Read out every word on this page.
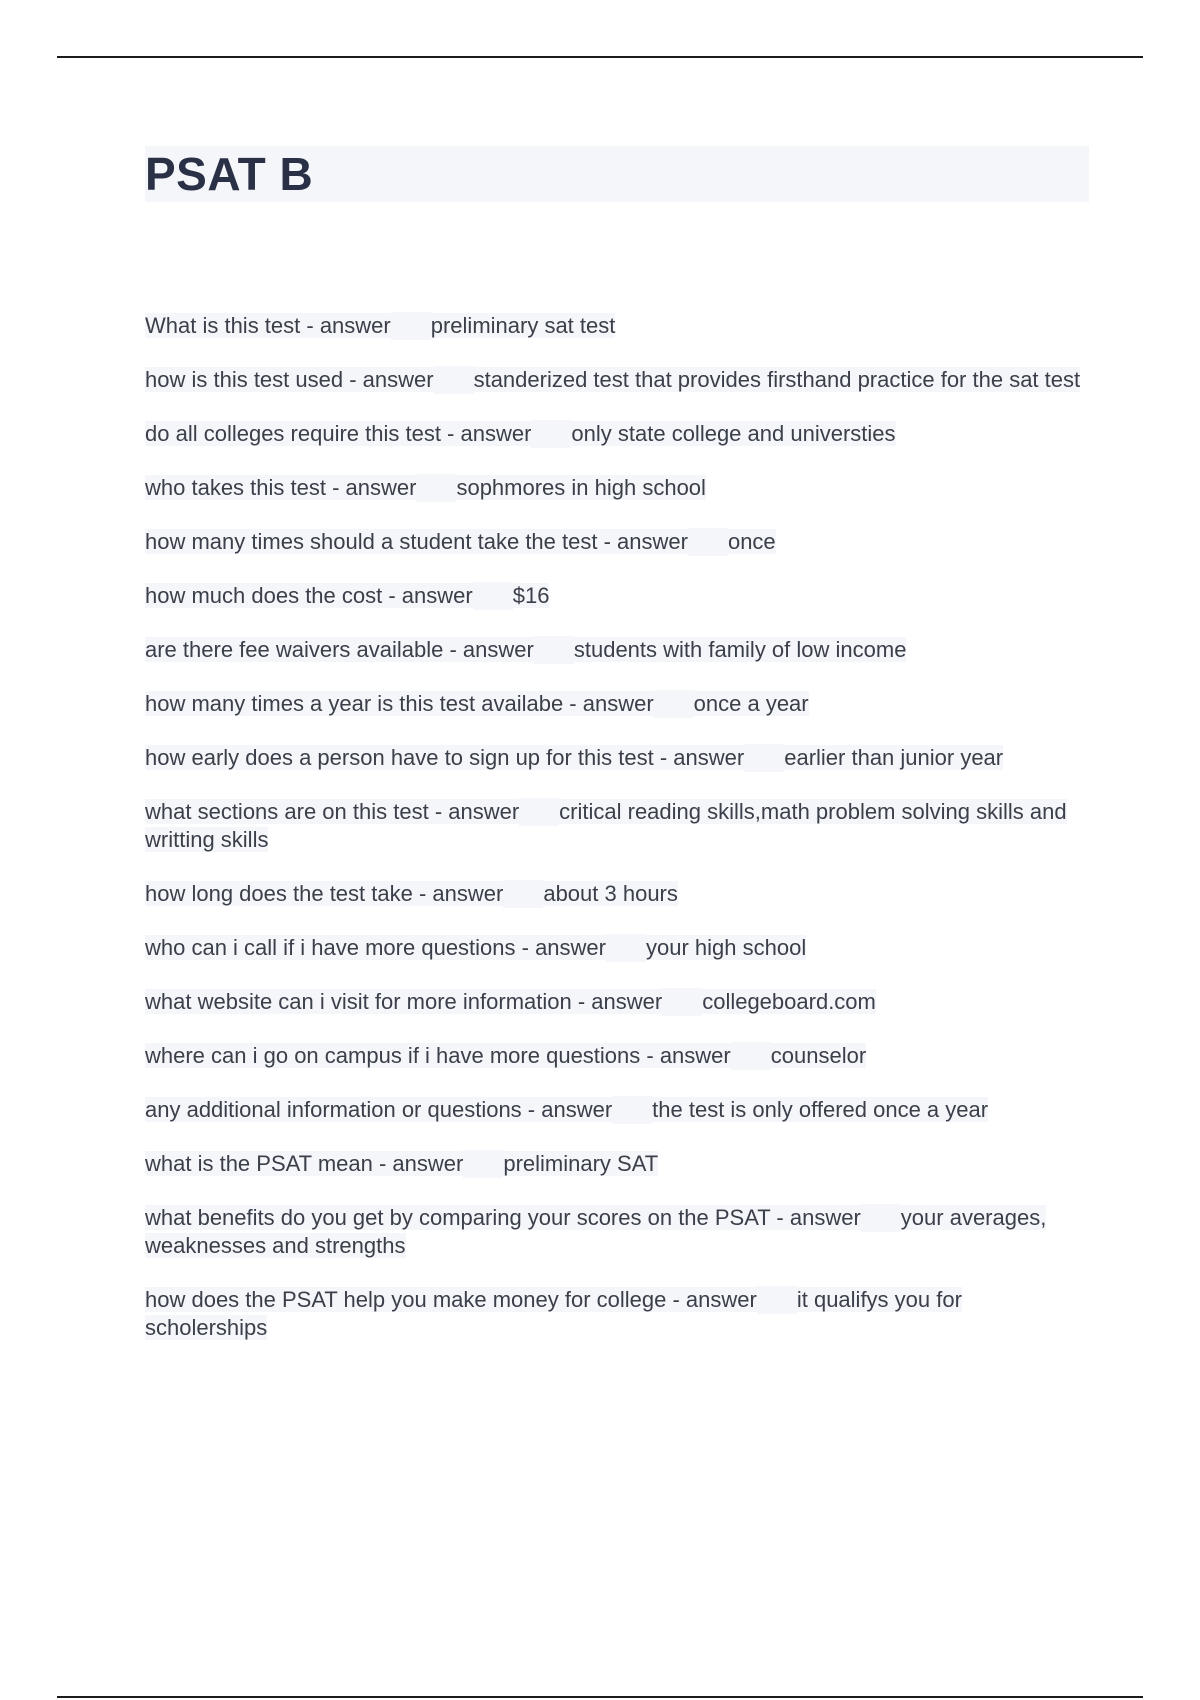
PSAT B
What is this test - answer preliminary sat test
how is this test used - answer standerized test that provides firsthand practice for the sat test
do all colleges require this test - answer only state college and universties
who takes this test - answer sophmores in high school
how many times should a student take the test - answer once
how much does the cost - answer $16
are there fee waivers available - answer students with family of low income
how many times a year is this test availabe - answer once a year
how early does a person have to sign up for this test - answer earlier than junior year
what sections are on this test - answer critical reading skills,math problem solving skills and writting skills
how long does the test take - answer about 3 hours
who can i call if i have more questions - answer your high school
what website can i visit for more information - answer collegeboard.com
where can i go on campus if i have more questions - answer counselor
any additional information or questions - answer the test is only offered once a year
what is the PSAT mean - answer preliminary SAT
what benefits do you get by comparing your scores on the PSAT - answer your averages, weaknesses and strengths
how does the PSAT help you make money for college - answer it qualifys you for scholerships
